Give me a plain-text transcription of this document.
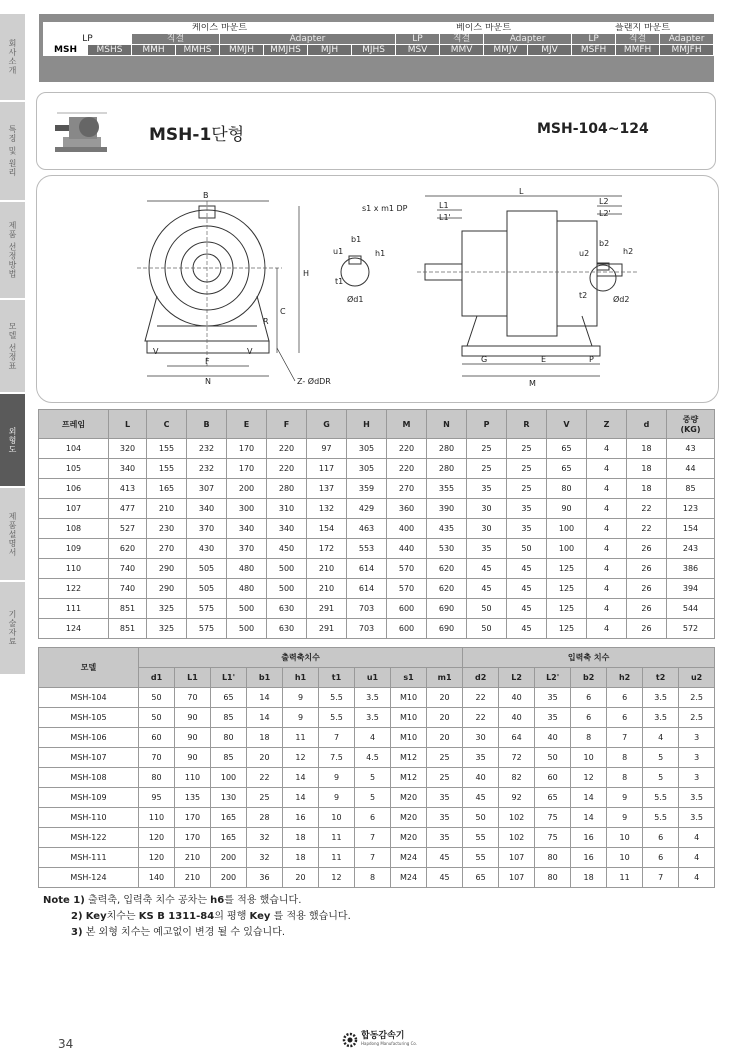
회사소개
특징 및 원리
제품 선정방법
모델 선정표
외형도
제품설명서
기술자료
케이스 마운트								베이스 마운트				플랜지 마운트		
LP		직결		Adapter				LP	직결	Adapter		LP	직결	Adapter
MSH	MSHS	MMH	MMHS	MMJH	MMJHS	MJH	MJHS	MSV	MMV	MMJV	MJV	MSFH	MMFH	MMJFH
MSH-1단형	MSH-104~124
B
H
C
R
V	V
F
N	Z- ØdDR
t1
u1
b1
h1
Ød1
s1 x m1 DP
L
L1
L1'
L2
L2'
u2
t2
b2
h2
Ød2
G	E	P
M
프레임	L	C	B	E	F	G	H	M	N	P	R	V	Z	d	중량
(KG)
104	320	155	232	170	220	97	305	220	280	25	25	65	4	18	43
105	340	155	232	170	220	117	305	220	280	25	25	65	4	18	44
106	413	165	307	200	280	137	359	270	355	35	25	80	4	18	85
107	477	210	340	300	310	132	429	360	390	30	35	90	4	22	123
108	527	230	370	340	340	154	463	400	435	30	35	100	4	22	154
109	620	270	430	370	450	172	553	440	530	35	50	100	4	26	243
110	740	290	505	480	500	210	614	570	620	45	45	125	4	26	386
122	740	290	505	480	500	210	614	570	620	45	45	125	4	26	394
111	851	325	575	500	630	291	703	600	690	50	45	125	4	26	544
124	851	325	575	500	630	291	703	600	690	50	45	125	4	26	572
모델	출력축치수									입력축 치수						
	d1	L1	L1'	b1	h1	t1	u1	s1	m1	d2	L2	L2'	b2	h2	t2	u2
MSH-104	50	70	65	14	9	5.5	3.5	M10	20	22	40	35	6	6	3.5	2.5
MSH-105	50	90	85	14	9	5.5	3.5	M10	20	22	40	35	6	6	3.5	2.5
MSH-106	60	90	80	18	11	7	4	M10	20	30	64	40	8	7	4	3
MSH-107	70	90	85	20	12	7.5	4.5	M12	25	35	72	50	10	8	5	3
MSH-108	80	110	100	22	14	9	5	M12	25	40	82	60	12	8	5	3
MSH-109	95	135	130	25	14	9	5	M20	35	45	92	65	14	9	5.5	3.5
MSH-110	110	170	165	28	16	10	6	M20	35	50	102	75	14	9	5.5	3.5
MSH-122	120	170	165	32	18	11	7	M20	35	55	102	75	16	10	6	4
MSH-111	120	210	200	32	18	11	7	M24	45	55	107	80	16	10	6	4
MSH-124	140	210	200	36	20	12	8	M24	45	65	107	80	18	11	7	4
Note 1) 출력축, 입력축 치수 공차는 h6를 적용 했습니다.
2) Key치수는 KS B 1311-84의 평행 Key 를 적용 했습니다.
3) 본 외형 치수는 예고없이 변경 될 수 있습니다.
34
합동감속기
Hapdong Manufacturing Co.
